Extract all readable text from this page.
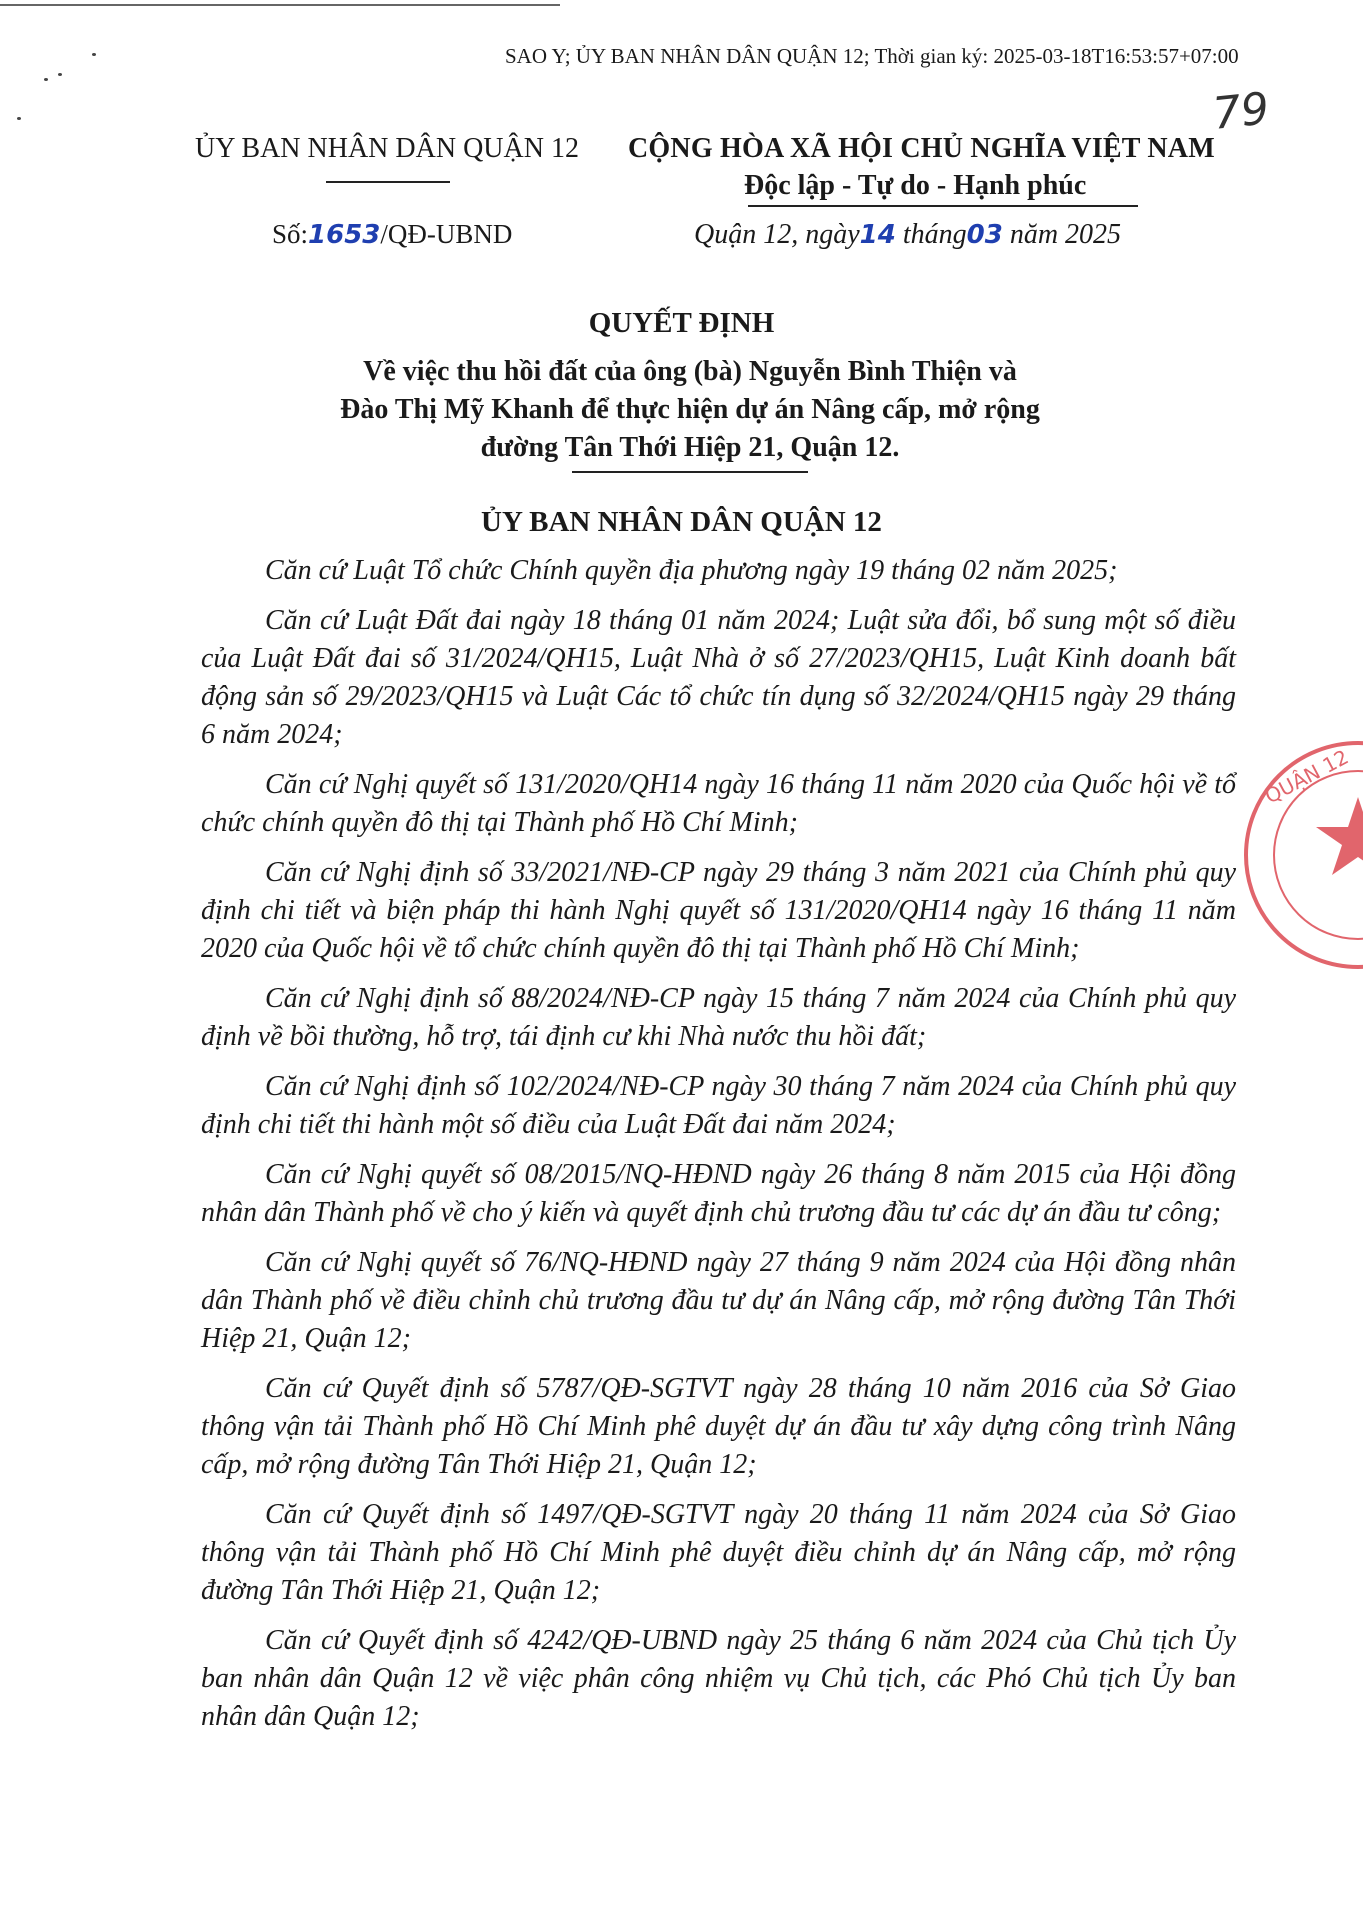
SAO Y; ỦY BAN NHÂN DÂN QUẬN 12; Thời gian ký: 2025-03-18T16:53:57+07:00
79
ỦY BAN NHÂN DÂN QUẬN 12 CỘNG HÒA XÃ HỘI CHỦ NGHĨA VIỆT NAM
Độc lập - Tự do - Hạnh phúc
Số:1653/QĐ-UBND	Quận 12, ngày14 tháng03 năm 2025
QUYẾT ĐỊNH
Về việc thu hồi đất của ông (bà) Nguyễn Bình Thiện và
Đào Thị Mỹ Khanh để thực hiện dự án Nâng cấp, mở rộng
đường Tân Thới Hiệp 21, Quận 12.
ỦY BAN NHÂN DÂN QUẬN 12

Căn cứ Luật Tổ chức Chính quyền địa phương ngày 19 tháng 02 năm 2025;

Căn cứ Luật Đất đai ngày 18 tháng 01 năm 2024; Luật sửa đổi, bổ sung một số điều của Luật Đất đai số 31/2024/QH15, Luật Nhà ở số 27/2023/QH15, Luật Kinh doanh bất động sản số 29/2023/QH15 và Luật Các tổ chức tín dụng số 32/2024/QH15 ngày 29 tháng 6 năm 2024;

Căn cứ Nghị quyết số 131/2020/QH14 ngày 16 tháng 11 năm 2020 của Quốc hội về tổ chức chính quyền đô thị tại Thành phố Hồ Chí Minh;

Căn cứ Nghị định số 33/2021/NĐ-CP ngày 29 tháng 3 năm 2021 của Chính phủ quy định chi tiết và biện pháp thi hành Nghị quyết số 131/2020/QH14 ngày 16 tháng 11 năm 2020 của Quốc hội về tổ chức chính quyền đô thị tại Thành phố Hồ Chí Minh;

Căn cứ Nghị định số 88/2024/NĐ-CP ngày 15 tháng 7 năm 2024 của Chính phủ quy định về bồi thường, hỗ trợ, tái định cư khi Nhà nước thu hồi đất;

Căn cứ Nghị định số 102/2024/NĐ-CP ngày 30 tháng 7 năm 2024 của Chính phủ quy định chi tiết thi hành một số điều của Luật Đất đai năm 2024;

Căn cứ Nghị quyết số 08/2015/NQ-HĐND ngày 26 tháng 8 năm 2015 của Hội đồng nhân dân Thành phố về cho ý kiến và quyết định chủ trương đầu tư các dự án đầu tư công;

Căn cứ Nghị quyết số 76/NQ-HĐND ngày 27 tháng 9 năm 2024 của Hội đồng nhân dân Thành phố về điều chỉnh chủ trương đầu tư dự án Nâng cấp, mở rộng đường Tân Thới Hiệp 21, Quận 12;

Căn cứ Quyết định số 5787/QĐ-SGTVT ngày 28 tháng 10 năm 2016 của Sở Giao thông vận tải Thành phố Hồ Chí Minh phê duyệt dự án đầu tư xây dựng công trình Nâng cấp, mở rộng đường Tân Thới Hiệp 21, Quận 12;

Căn cứ Quyết định số 1497/QĐ-SGTVT ngày 20 tháng 11 năm 2024 của Sở Giao thông vận tải Thành phố Hồ Chí Minh phê duyệt điều chỉnh dự án Nâng cấp, mở rộng đường Tân Thới Hiệp 21, Quận 12;

Căn cứ Quyết định số 4242/QĐ-UBND ngày 25 tháng 6 năm 2024 của Chủ tịch Ủy ban nhân dân Quận 12 về việc phân công nhiệm vụ Chủ tịch, các Phó Chủ tịch Ủy ban nhân dân Quận 12;

QUẬN 12
